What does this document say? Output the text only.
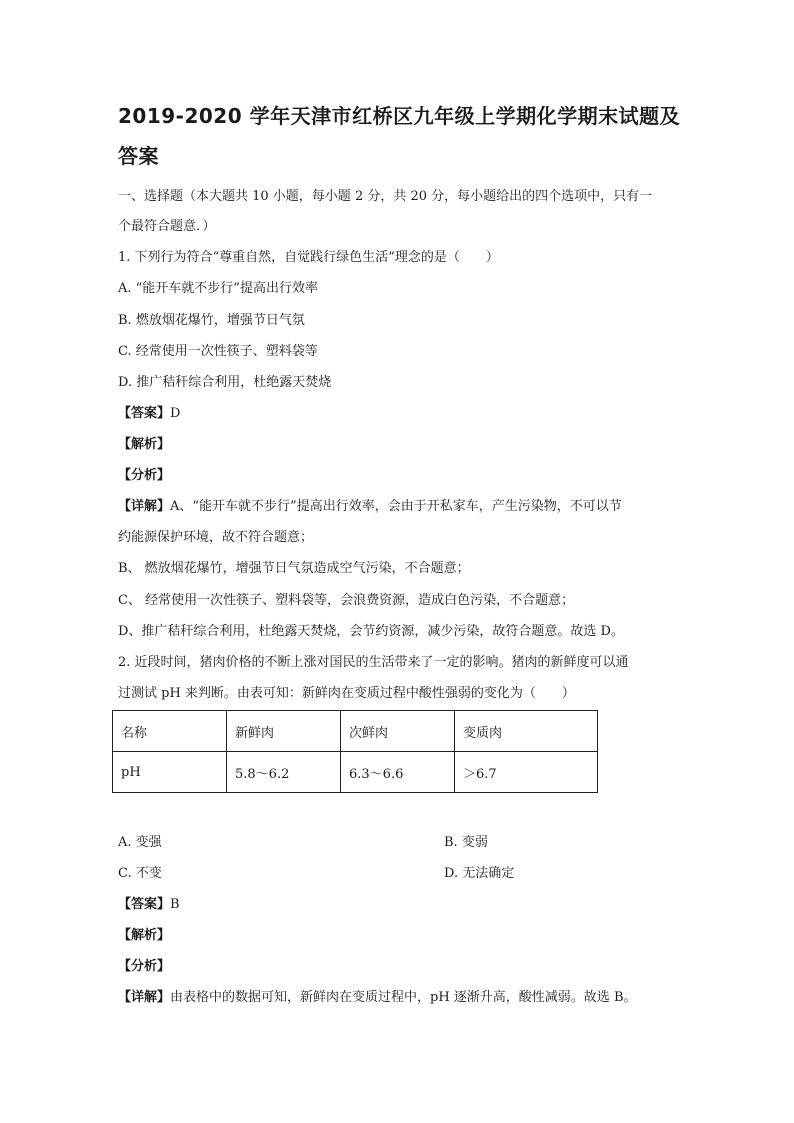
2019-2020 学年天津市红桥区九年级上学期化学期末试题及
答案
一、选择题（本大题共 10 小题，每小题 2 分，共 20 分，每小题给出的四个选项中，只有一
个最符合题意．）
1. 下列行为符合“尊重自然，自觉践行绿色生活”理念的是（　　）
A. “能开车就不步行”提高出行效率
B. 燃放烟花爆竹，增强节日气氛
C. 经常使用一次性筷子、塑料袋等
D. 推广秸秆综合利用，杜绝露天焚烧
【答案】D
【解析】
【分析】
【详解】A、“能开车就不步行”提高出行效率，会由于开私家车，产生污染物，不可以节
约能源保护环境，故不符合题意；
B、 燃放烟花爆竹，增强节日气氛造成空气污染，不合题意；
C、 经常使用一次性筷子、塑料袋等，会浪费资源，造成白色污染，不合题意；
D、推广秸秆综合利用，杜绝露天焚烧，会节约资源，减少污染，故符合题意。故选 D。
2. 近段时间，猪肉价格的不断上涨对国民的生活带来了一定的影响。猪肉的新鲜度可以通
过测试 pH 来判断。由表可知：新鲜肉在变质过程中酸性强弱的变化为（　　）
名称	新鲜肉	次鲜肉	变质肉
pH	5.8～6.2	6.3～6.6	＞6.7
A. 变强	B. 变弱
C. 不变	D. 无法确定
【答案】B
【解析】
【分析】
【详解】由表格中的数据可知，新鲜肉在变质过程中，pH 逐渐升高，酸性减弱。故选 B。
